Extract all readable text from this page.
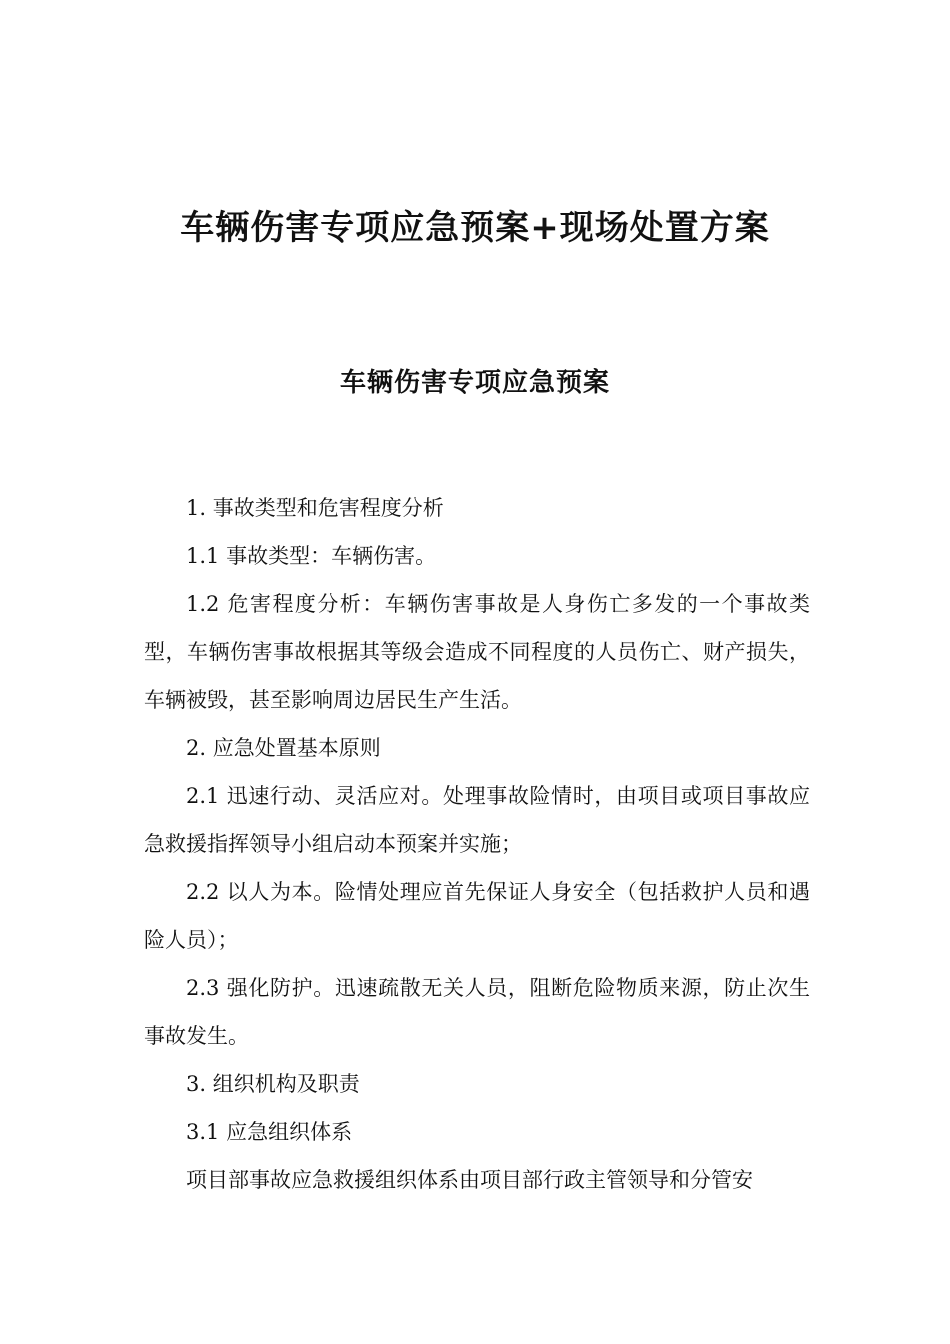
车辆伤害专项应急预案+现场处置方案
车辆伤害专项应急预案

1. 事故类型和危害程度分析

1.1 事故类型：车辆伤害。

1.2 危害程度分析：车辆伤害事故是人身伤亡多发的一个事故类型，车辆伤害事故根据其等级会造成不同程度的人员伤亡、财产损失，车辆被毁，甚至影响周边居民生产生活。

2. 应急处置基本原则

2.1 迅速行动、灵活应对。处理事故险情时，由项目或项目事故应急救援指挥领导小组启动本预案并实施；

2.2 以人为本。险情处理应首先保证人身安全（包括救护人员和遇险人员）；

2.3 强化防护。迅速疏散无关人员，阻断危险物质来源，防止次生事故发生。

3. 组织机构及职责

3.1 应急组织体系

项目部事故应急救援组织体系由项目部行政主管领导和分管安
